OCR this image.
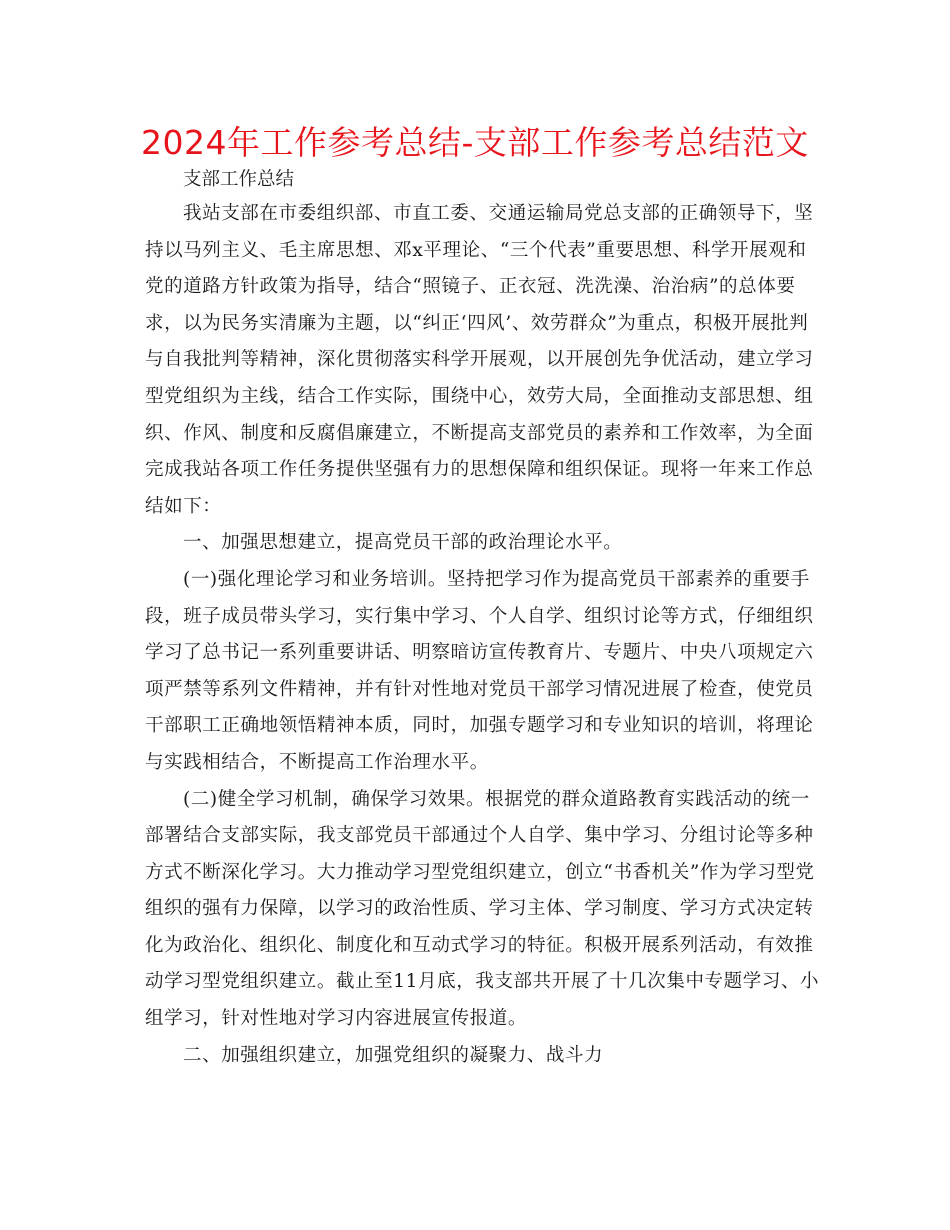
2024年工作参考总结-支部工作参考总结范文
支部工作总结

我站支部在市委组织部、市直工委、交通运输局党总支部的正确领导下，坚
持以马列主义、毛主席思想、邓x平理论、“三个代表”重要思想、科学开展观和
党的道路方针政策为指导，结合“照镜子、正衣冠、洗洗澡、治治病”的总体要
求，以为民务实清廉为主题，以“纠正‘四风’、效劳群众”为重点，积极开展批判
与自我批判等精神，深化贯彻落实科学开展观，以开展创先争优活动，建立学习
型党组织为主线，结合工作实际，围绕中心，效劳大局，全面推动支部思想、组
织、作风、制度和反腐倡廉建立，不断提高支部党员的素养和工作效率，为全面
完成我站各项工作任务提供坚强有力的思想保障和组织保证。现将一年来工作总
结如下：

一、加强思想建立，提高党员干部的政治理论水平。

(一)强化理论学习和业务培训。坚持把学习作为提高党员干部素养的重要手
段，班子成员带头学习，实行集中学习、个人自学、组织讨论等方式，仔细组织
学习了总书记一系列重要讲话、明察暗访宣传教育片、专题片、中央八项规定六
项严禁等系列文件精神，并有针对性地对党员干部学习情况进展了检查，使党员
干部职工正确地领悟精神本质，同时，加强专题学习和专业知识的培训，将理论
与实践相结合，不断提高工作治理水平。

(二)健全学习机制，确保学习效果。根据党的群众道路教育实践活动的统一
部署结合支部实际，我支部党员干部通过个人自学、集中学习、分组讨论等多种
方式不断深化学习。大力推动学习型党组织建立，创立“书香机关”作为学习型党
组织的强有力保障，以学习的政治性质、学习主体、学习制度、学习方式决定转
化为政治化、组织化、制度化和互动式学习的特征。积极开展系列活动，有效推
动学习型党组织建立。截止至11月底，我支部共开展了十几次集中专题学习、小
组学习，针对性地对学习内容进展宣传报道。

二、加强组织建立，加强党组织的凝聚力、战斗力
